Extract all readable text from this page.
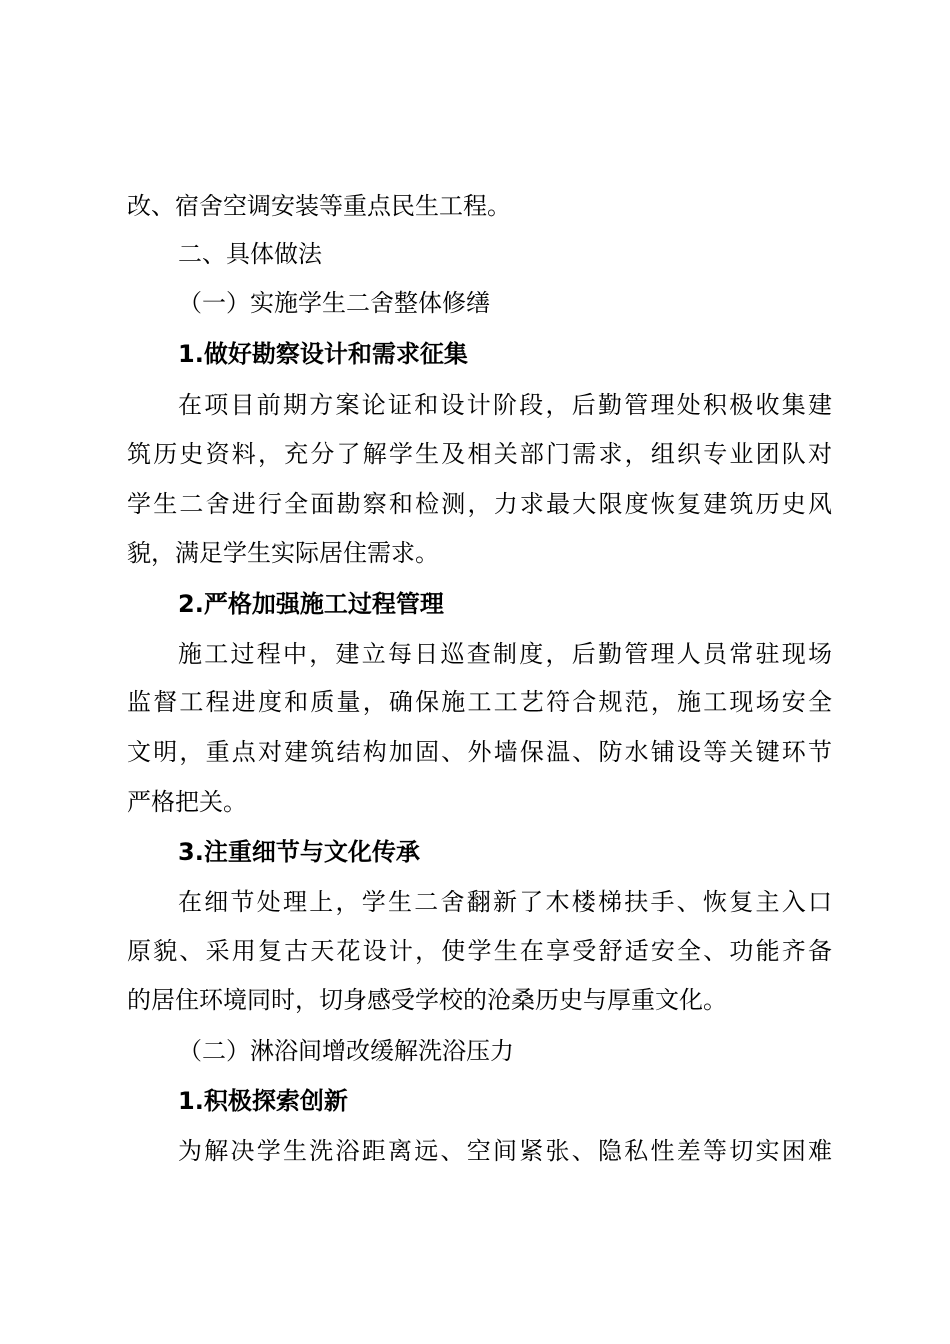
改、宿舍空调安装等重点民生工程。
二、具体做法
（一）实施学生二舍整体修缮
1.做好勘察设计和需求征集
在项目前期方案论证和设计阶段，后勤管理处积极收集建
筑历史资料，充分了解学生及相关部门需求，组织专业团队对
学生二舍进行全面勘察和检测，力求最大限度恢复建筑历史风
貌，满足学生实际居住需求。
2.严格加强施工过程管理
施工过程中，建立每日巡查制度，后勤管理人员常驻现场
监督工程进度和质量，确保施工工艺符合规范，施工现场安全
文明，重点对建筑结构加固、外墙保温、防水铺设等关键环节
严格把关。
3.注重细节与文化传承
在细节处理上，学生二舍翻新了木楼梯扶手、恢复主入口
原貌、采用复古天花设计，使学生在享受舒适安全、功能齐备
的居住环境同时，切身感受学校的沧桑历史与厚重文化。
（二）淋浴间增改缓解洗浴压力
1.积极探索创新
为解决学生洗浴距离远、空间紧张、隐私性差等切实困难
